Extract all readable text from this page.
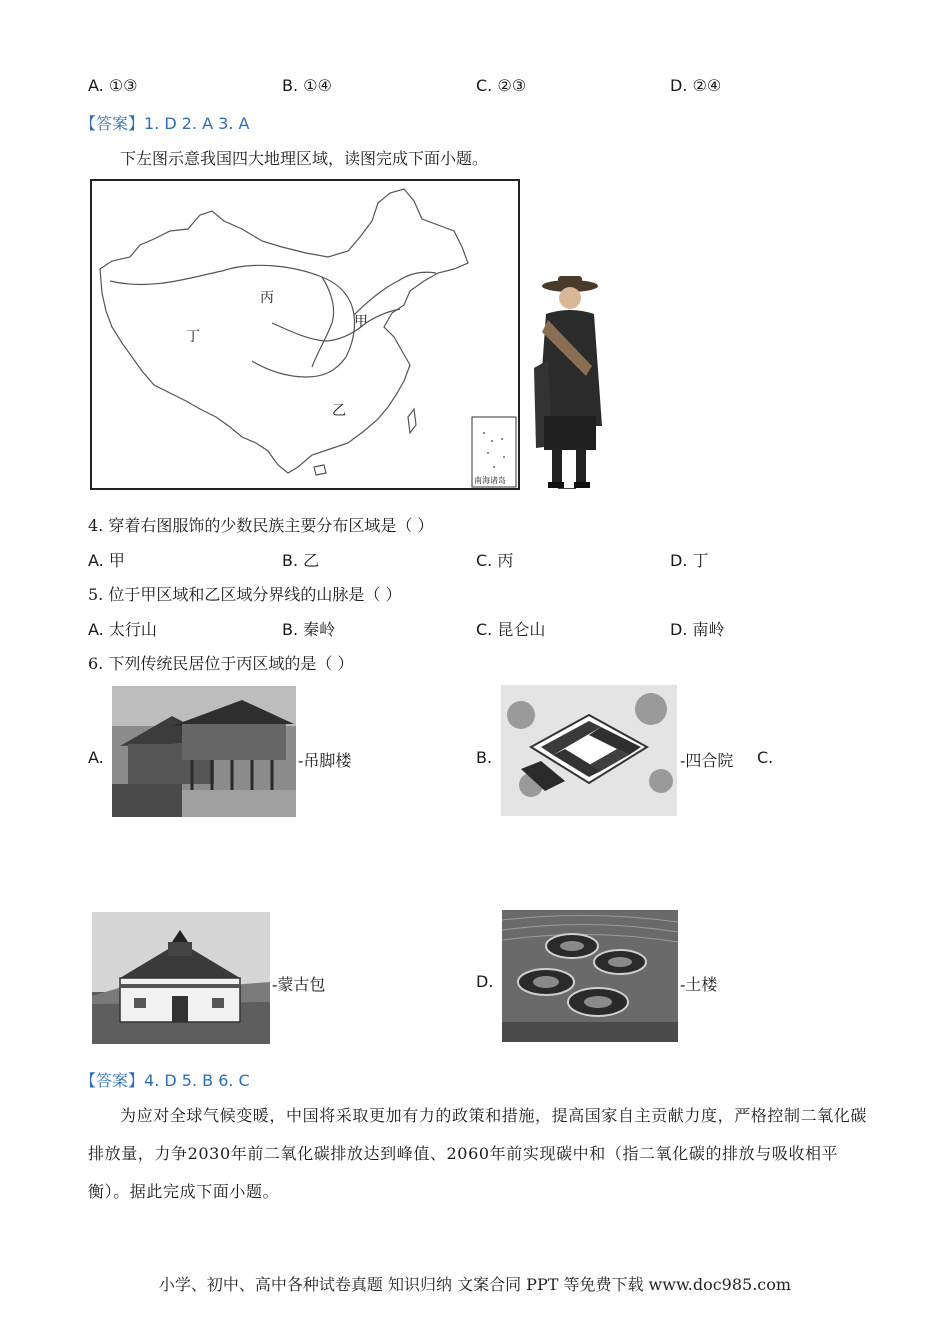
A. ①③	B. ①④	C. ②③	D. ②④
【答案】1. D 2. A 3. A
下左图示意我国四大地理区域，读图完成下面小题。
丙
甲
丁
乙
南海诸岛
4. 穿着右图服饰的少数民族主要分布区域是（ ）
A. 甲	B. 乙	C. 丙	D. 丁
5. 位于甲区域和乙区域分界线的山脉是（ ）
A. 太行山	B. 秦岭	C. 昆仑山	D. 南岭
6. 下列传统民居位于丙区域的是（ ）
A.	-吊脚楼	B.	-四合院 C.
-蒙古包	D.	-土楼
【答案】4. D 5. B 6. C
为应对全球气候变暖，中国将采取更加有力的政策和措施，提高国家自主贡献力度，严格控制二氧化碳排放量，力争2030年前二氧化碳排放达到峰值、2060年前实现碳中和（指二氧化碳的排放与吸收相平衡）。据此完成下面小题。
小学、初中、高中各种试卷真题 知识归纳 文案合同 PPT 等免费下载 www.doc985.com
